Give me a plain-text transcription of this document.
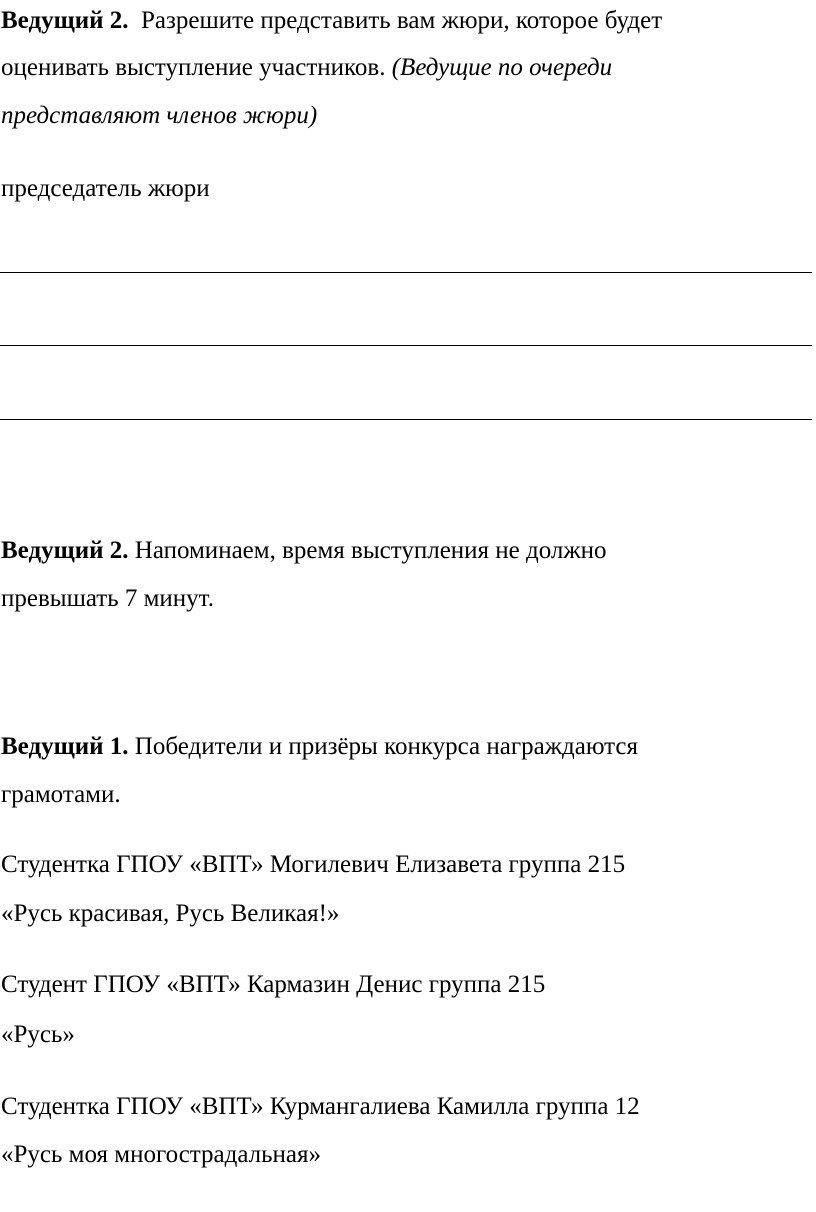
Ведущий 2. Разрешите представить вам жюри, которое будет
оценивать выступление участников. (Ведущие по очереди
представляют членов жюри)
председатель жюри
Ведущий 2. Напоминаем, время выступления не должно
превышать 7 минут.
Ведущий 1. Победители и призёры конкурса награждаются
грамотами.
Студентка ГПОУ «ВПТ» Могилевич Елизавета группа 215
«Русь красивая, Русь Великая!»
Студент ГПОУ «ВПТ» Кармазин Денис группа 215
«Русь»
Студентка ГПОУ «ВПТ» Курмангалиева Камилла группа 12
«Русь моя многострадальная»
